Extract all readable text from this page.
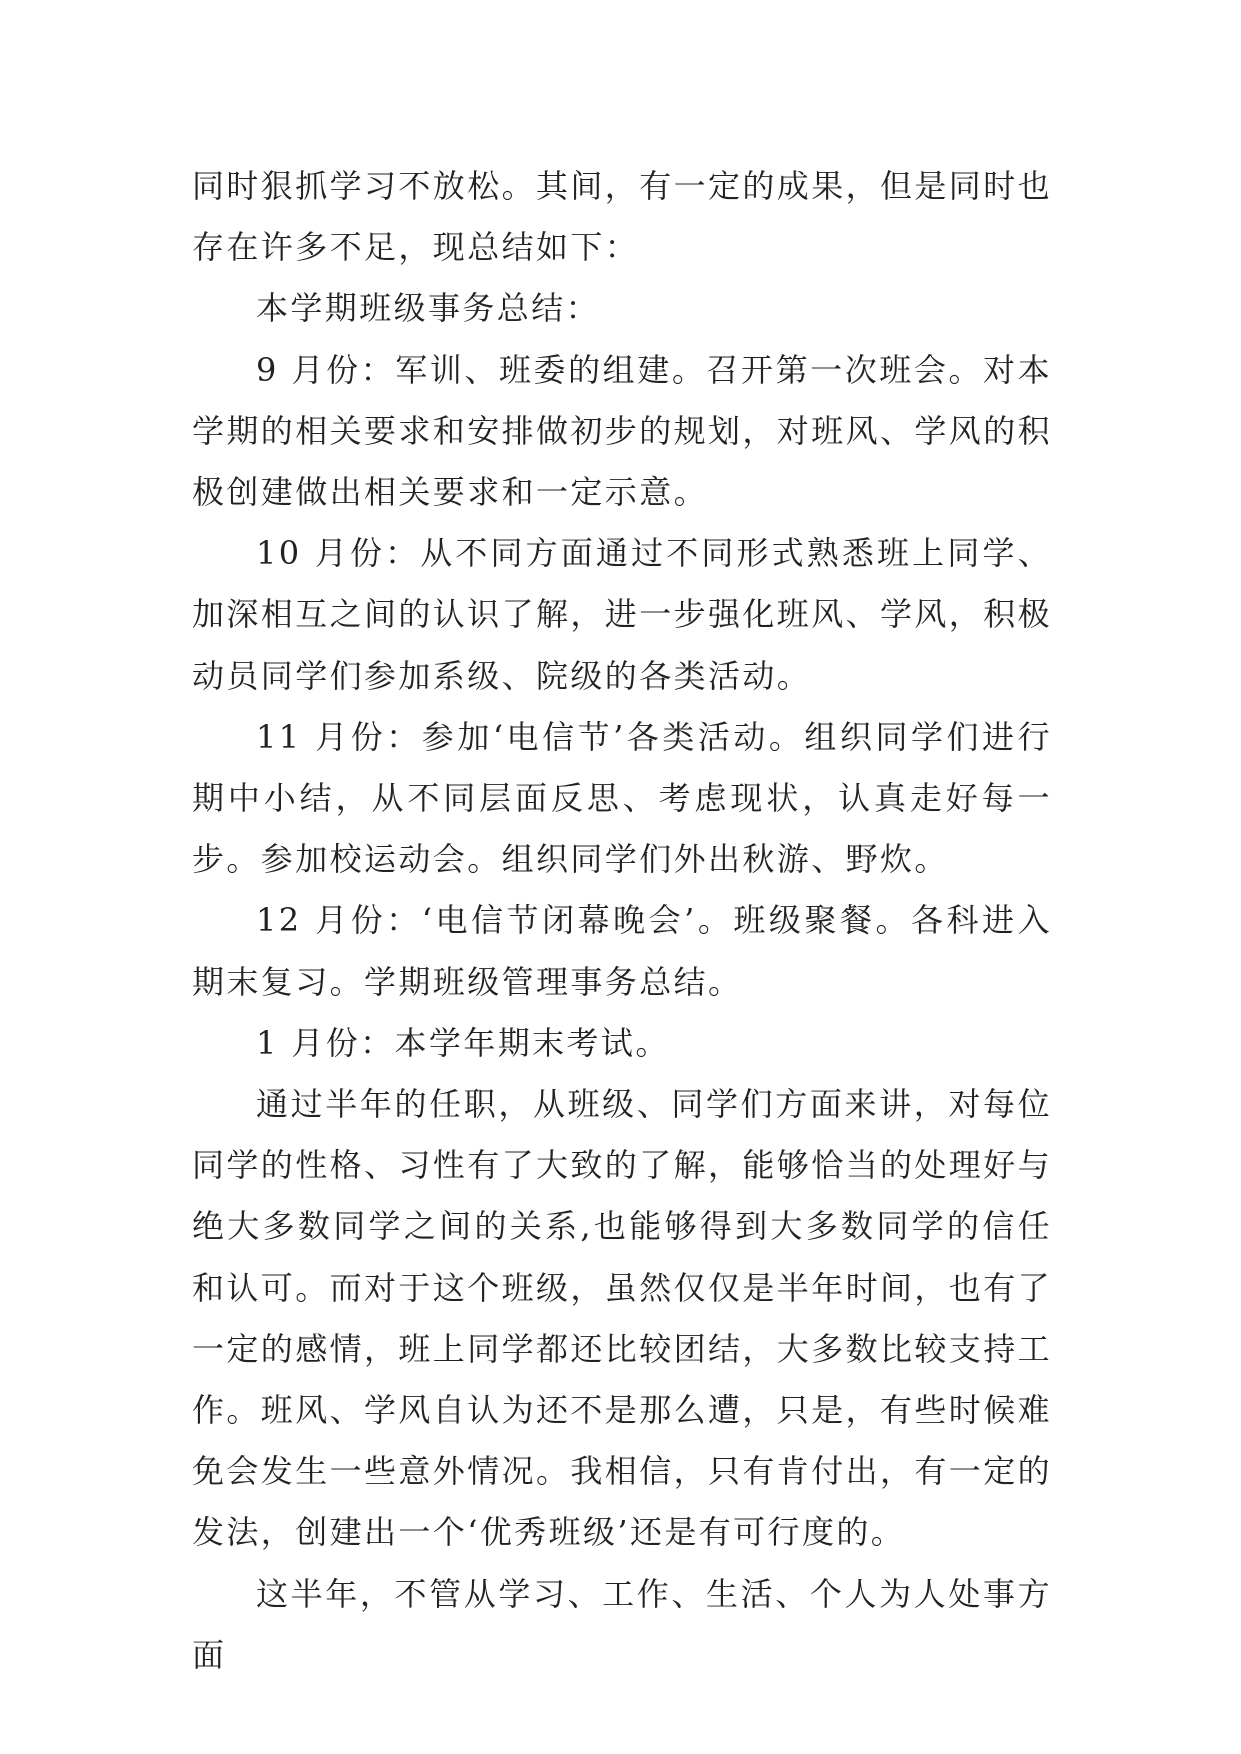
同时狠抓学习不放松。其间，有一定的成果，但是同时也存在许多不足，现总结如下：

本学期班级事务总结：

9 月份：军训、班委的组建。召开第一次班会。对本学期的相关要求和安排做初步的规划，对班风、学风的积极创建做出相关要求和一定示意。

10 月份：从不同方面通过不同形式熟悉班上同学、加深相互之间的认识了解，进一步强化班风、学风，积极动员同学们参加系级、院级的各类活动。

11 月份：参加‘电信节’各类活动。组织同学们进行期中小结，从不同层面反思、考虑现状，认真走好每一步。参加校运动会。组织同学们外出秋游、野炊。

12 月份：‘电信节闭幕晚会’。班级聚餐。各科进入期末复习。学期班级管理事务总结。

1 月份：本学年期末考试。

通过半年的任职，从班级、同学们方面来讲，对每位同学的性格、习性有了大致的了解，能够恰当的处理好与绝大多数同学之间的关系,也能够得到大多数同学的信任和认可。而对于这个班级，虽然仅仅是半年时间，也有了一定的感情，班上同学都还比较团结，大多数比较支持工作。班风、学风自认为还不是那么遭，只是，有些时候难免会发生一些意外情况。我相信，只有肯付出，有一定的发法，创建出一个‘优秀班级’还是有可行度的。

这半年，不管从学习、工作、生活、个人为人处事方面
